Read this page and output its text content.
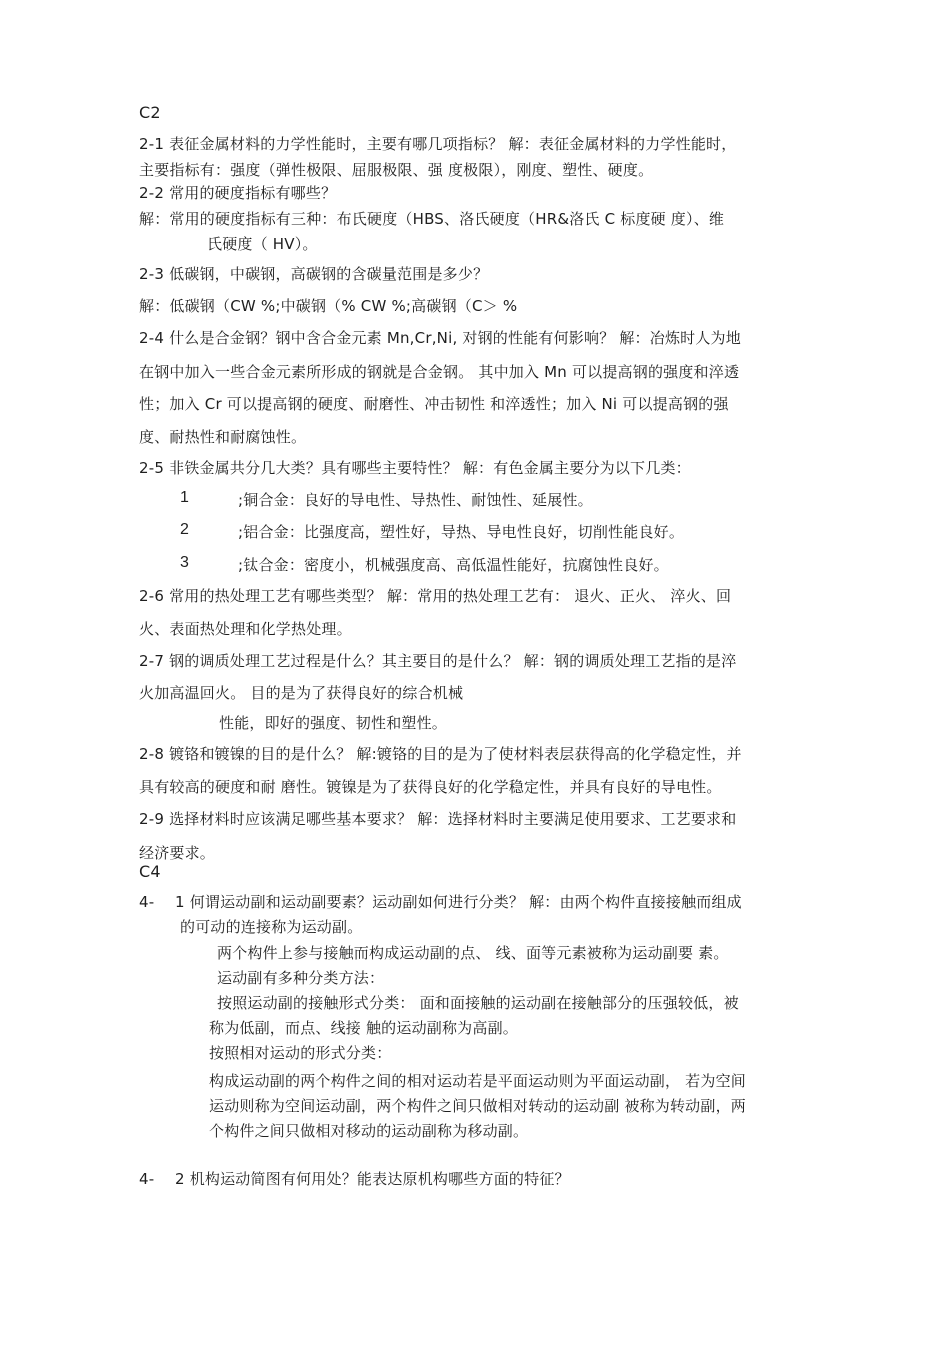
C2
2-1 表征金属材料的力学性能时，主要有哪几项指标？ 解：表征金属材料的力学性能时，
主要指标有：强度（弹性极限、屈服极限、强 度极限），刚度、塑性、硬度。
2-2 常用的硬度指标有哪些？
解：常用的硬度指标有三种：布氏硬度（HBS、洛氏硬度（HR&洛氏 C 标度硬 度）、维
氏硬度（ HV）。
2-3 低碳钢，中碳钢，高碳钢的含碳量范围是多少？
解：低碳钢（CW %;中碳钢（% CW %;高碳钢（C＞ %
2-4 什么是合金钢？钢中含合金元素 Mn,Cr,Ni, 对钢的性能有何影响？ 解：冶炼时人为地
在钢中加入一些合金元素所形成的钢就是合金钢。 其中加入 Mn 可以提高钢的强度和淬透
性；加入 Cr 可以提高钢的硬度、耐磨性、冲击韧性 和淬透性；加入 Ni 可以提高钢的强
度、耐热性和耐腐蚀性。
2-5 非铁金属共分几大类？具有哪些主要特性？ 解：有色金属主要分为以下几类：
1	;铜合金：良好的导电性、导热性、耐蚀性、延展性。
2	;铝合金：比强度高，塑性好，导热、导电性良好，切削性能良好。
3	;钛合金：密度小，机械强度高、高低温性能好，抗腐蚀性良好。
2-6 常用的热处理工艺有哪些类型？ 解：常用的热处理工艺有： 退火、正火、 淬火、回
火、表面热处理和化学热处理。
2-7 钢的调质处理工艺过程是什么？其主要目的是什么？ 解：钢的调质处理工艺指的是淬
火加高温回火。 目的是为了获得良好的综合机械
性能，即好的强度、韧性和塑性。
2-8 镀铬和镀镍的目的是什么？ 解:镀铬的目的是为了使材料表层获得高的化学稳定性，并
具有较高的硬度和耐 磨性。镀镍是为了获得良好的化学稳定性，并具有良好的导电性。
2-9 选择材料时应该满足哪些基本要求？ 解：选择材料时主要满足使用要求、工艺要求和
经济要求。
C4
4- 1 何谓运动副和运动副要素？运动副如何进行分类？ 解：由两个构件直接接触而组成
的可动的连接称为运动副。
两个构件上参与接触而构成运动副的点、 线、面等元素被称为运动副要 素。
运动副有多种分类方法：
按照运动副的接触形式分类： 面和面接触的运动副在接触部分的压强较低，被
称为低副，而点、线接 触的运动副称为高副。
按照相对运动的形式分类：
构成运动副的两个构件之间的相对运动若是平面运动则为平面运动副， 若为空间
运动则称为空间运动副，两个构件之间只做相对转动的运动副 被称为转动副，两
个构件之间只做相对移动的运动副称为移动副。
4- 2 机构运动简图有何用处？能表达原机构哪些方面的特征？
